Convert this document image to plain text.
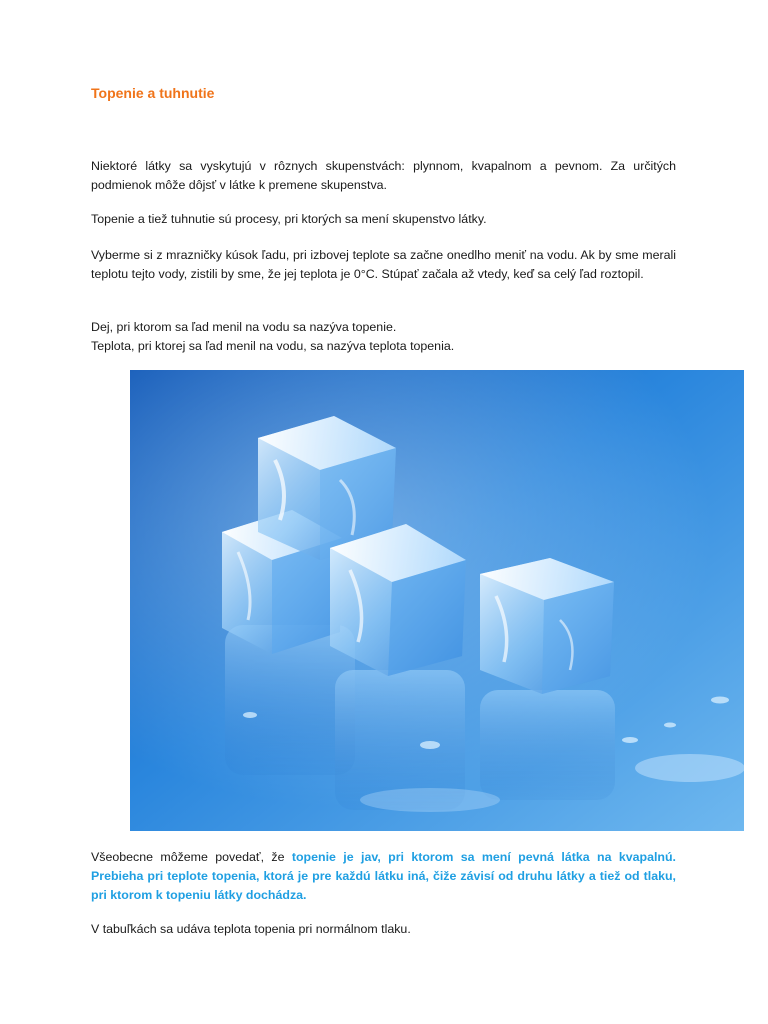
Topenie a tuhnutie

Niektoré látky sa vyskytujú v rôznych skupenstvách: plynnom, kvapalnom a pevnom. Za určitých podmienok môže dôjsť v látke k premene skupenstva.

Topenie a tiež tuhnutie sú procesy, pri ktorých sa mení skupenstvo látky.

Vyberme si z mrazničky kúsok ľadu, pri izbovej teplote sa začne onedlho meniť na vodu. Ak by sme merali teplotu tejto vody, zistili by sme, že jej teplota je 0°C. Stúpať začala až vtedy, keď sa celý ľad roztopil.

Dej, pri ktorom sa ľad menil na vodu sa nazýva topenie.
Teplota, pri ktorej sa ľad menil na vodu, sa nazýva teplota topenia.

Všeobecne môžeme povedať, že topenie je jav, pri ktorom sa mení pevná látka na kvapalnú. Prebieha pri teplote topenia, ktorá je pre každú látku iná, čiže závisí od druhu látky a tiež od tlaku, pri ktorom k topeniu látky dochádza.

V tabuľkách sa udáva teplota topenia pri normálnom tlaku.
